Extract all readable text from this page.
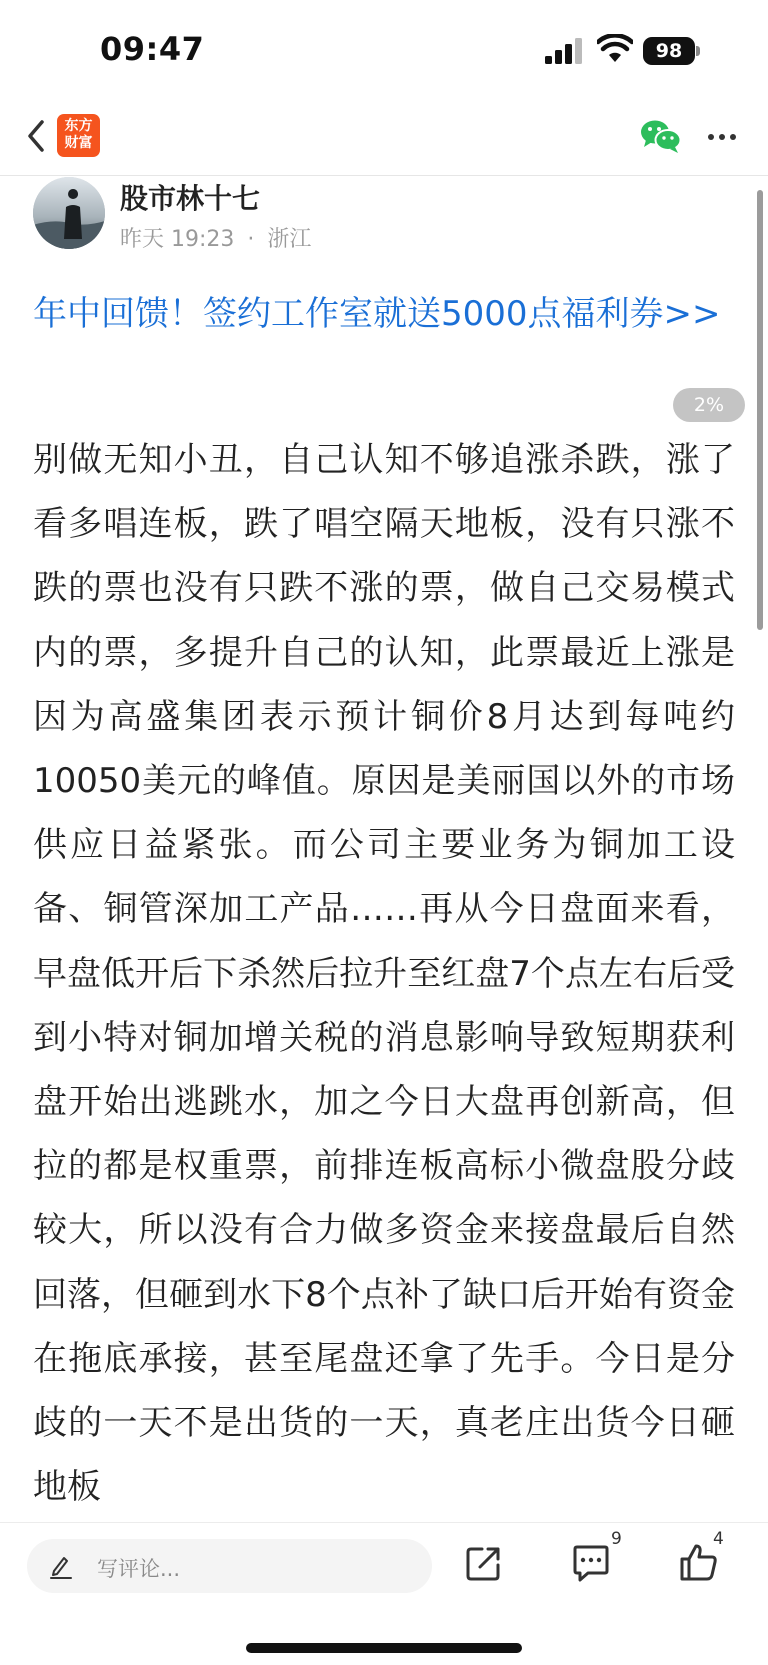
09:47	98
东方
财富
股市林十七
昨天 19:23 · 浙江
年中回馈！签约工作室就送5000点福利券>>
2%
别做无知小丑，自己认知不够追涨杀跌，涨了看多唱连板，跌了唱空隔天地板，没有只涨不跌的票也没有只跌不涨的票，做自己交易模式内的票，多提升自己的认知，此票最近上涨是因为高盛集团表示预计铜价8月达到每吨约10050美元的峰值。原因是美丽国以外的市场供应日益紧张。而公司主要业务为铜加工设备、铜管深加工产品……再从今日盘面来看，早盘低开后下杀然后拉升至红盘7个点左右后受到小特对铜加增关税的消息影响导致短期获利盘开始出逃跳水，加之今日大盘再创新高，但拉的都是权重票，前排连板高标小微盘股分歧较大，所以没有合力做多资金来接盘最后自然回落，但砸到水下8个点补了缺口后开始有资金在拖底承接，甚至尾盘还拿了先手。今日是分歧的一天不是出货的一天，真老庄出货今日砸地板
写评论...
9	4
